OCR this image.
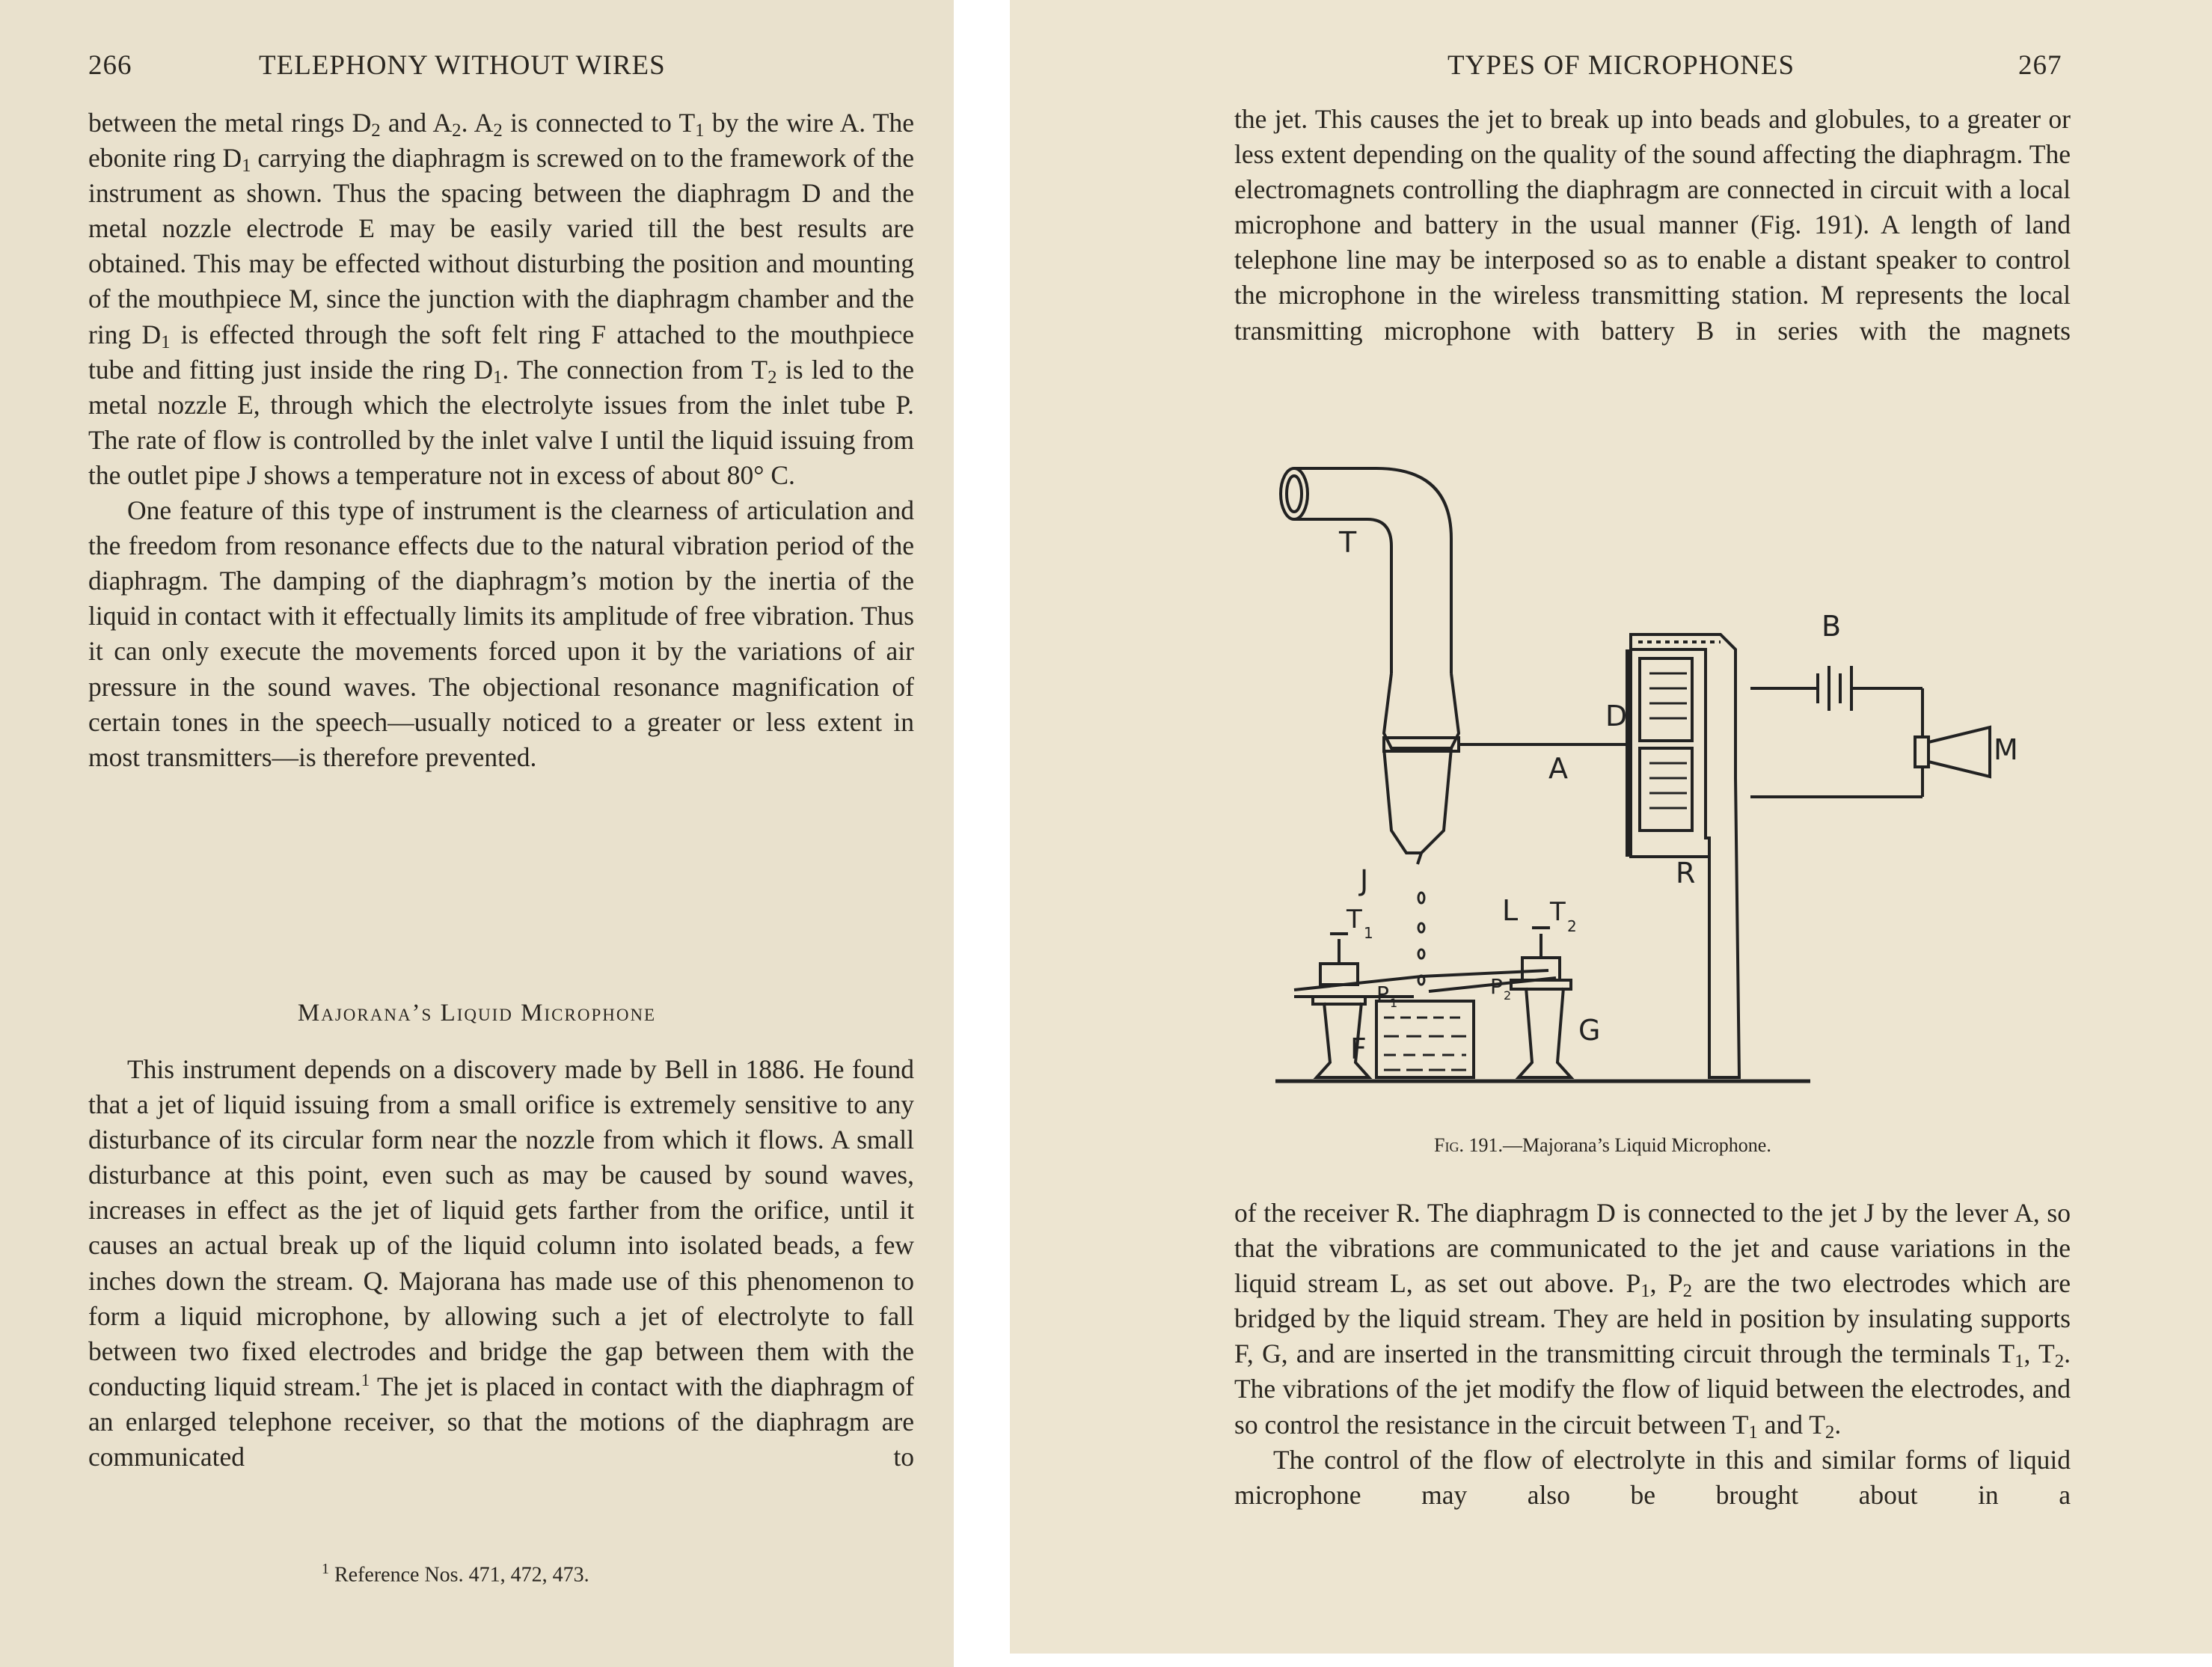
266	TELEPHONY WITHOUT WIRES

between the metal rings $D_2$ and $A_2$. $A_2$ is connected to $T_1$ by the wire A. The ebonite ring $D_1$ carrying the diaphragm is screwed on to the framework of the instrument as shown. Thus the spacing between the diaphragm D and the metal nozzle electrode E may be easily varied till the best results are obtained. This may be effected without disturbing the position and mounting of the mouthpiece M, since the junction with the diaphragm chamber and the ring $D_1$ is effected through the soft felt ring F attached to the mouthpiece tube and fitting just inside the ring $D_1$. The connection from $T_2$ is led to the metal nozzle E, through which the electrolyte issues from the inlet tube P. The rate of flow is controlled by the inlet valve I until the liquid issuing from the outlet pipe J shows a temperature not in excess of about 80° C.

One feature of this type of instrument is the clearness of articulation and the freedom from resonance effects due to the natural vibration period of the diaphragm. The damping of the diaphragm’s motion by the inertia of the liquid in contact with it effectually limits its amplitude of free vibration. Thus it can only execute the movements forced upon it by the variations of air pressure in the sound waves. The objectional resonance magnification of certain tones in the speech—usually noticed to a greater or less extent in most transmitters—is therefore prevented.

Majorana’s Liquid Microphone

This instrument depends on a discovery made by Bell in 1886. He found that a jet of liquid issuing from a small orifice is extremely sensitive to any disturbance of its circular form near the nozzle from which it flows. A small disturbance at this point, even such as may be caused by sound waves, increases in effect as the jet of liquid gets farther from the orifice, until it causes an actual break up of the liquid column into isolated beads, a few inches down the stream. Q. Majorana has made use of this phenomenon to form a liquid microphone, by allowing such a jet of electrolyte to fall between two fixed electrodes and bridge the gap between them with the conducting liquid stream.$^1$ The jet is placed in contact with the diaphragm of an enlarged telephone receiver, so that the motions of the diaphragm are communicated to

$^1$ Reference Nos. 471, 472, 473.
TYPES OF MICROPHONES	267

the jet. This causes the jet to break up into beads and globules, to a greater or less extent depending on the quality of the sound affecting the diaphragm. The electromagnets controlling the diaphragm are connected in circuit with a local microphone and battery in the usual manner (Fig. 191). A length of land telephone line may be interposed so as to enable a distant speaker to control the microphone in the wireless transmitting station. M represents the local transmitting microphone with battery B in series with the magnets

of the receiver R. The diaphragm D is connected to the jet J by the lever A, so that the vibrations are communicated to the jet and cause variations in the liquid stream L, as set out above. $P_1$, $P_2$ are the two electrodes which are bridged by the liquid stream. They are held in position by insulating supports F, G, and are inserted in the transmitting circuit through the terminals $T_1$, $T_2$. The vibrations of the jet modify the flow of liquid between the electrodes, and so control the resistance in the circuit between $T_1$ and $T_2$.

The control of the flow of electrolyte in this and similar forms of liquid microphone may also be brought about in a

T
B
D
M
A
J	R
L
T 1
T 2
P 1
P 2
F
G
Fig. 191.—Majorana’s Liquid Microphone.
